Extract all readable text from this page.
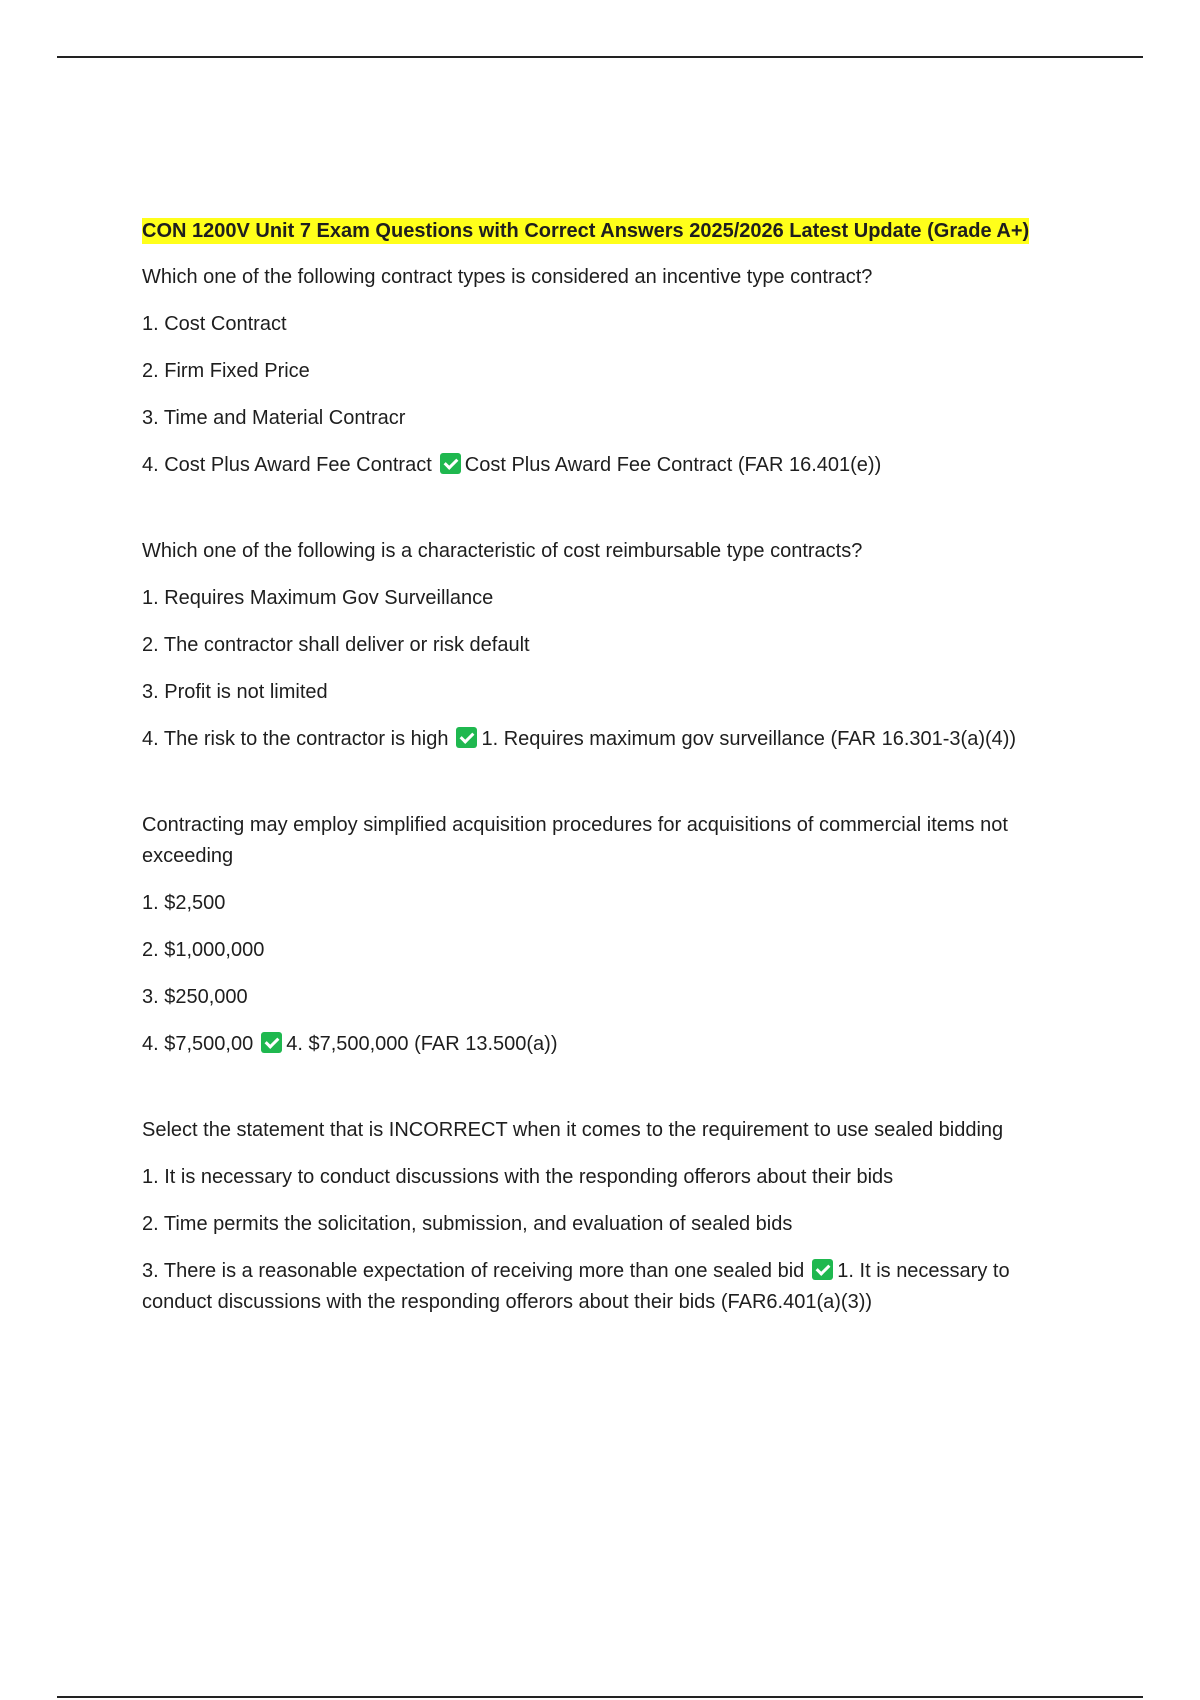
CON 1200V Unit 7 Exam Questions with Correct Answers 2025/2026 Latest Update (Grade A+)
Which one of the following contract types is considered an incentive type contract?
1. Cost Contract
2. Firm Fixed Price
3. Time and Material Contracr
4. Cost Plus Award Fee Contract Cost Plus Award Fee Contract (FAR 16.401(e))
Which one of the following is a characteristic of cost reimbursable type contracts?
1. Requires Maximum Gov Surveillance
2. The contractor shall deliver or risk default
3. Profit is not limited
4. The risk to the contractor is high 1. Requires maximum gov surveillance (FAR 16.301-3(a)(4))
Contracting may employ simplified acquisition procedures for acquisitions of commercial items not exceeding
1. $2,500
2. $1,000,000
3. $250,000
4. $7,500,00 4. $7,500,000 (FAR 13.500(a))
Select the statement that is INCORRECT when it comes to the requirement to use sealed bidding
1. It is necessary to conduct discussions with the responding offerors about their bids
2. Time permits the solicitation, submission, and evaluation of sealed bids
3. There is a reasonable expectation of receiving more than one sealed bid 1. It is necessary to conduct discussions with the responding offerors about their bids (FAR6.401(a)(3))
